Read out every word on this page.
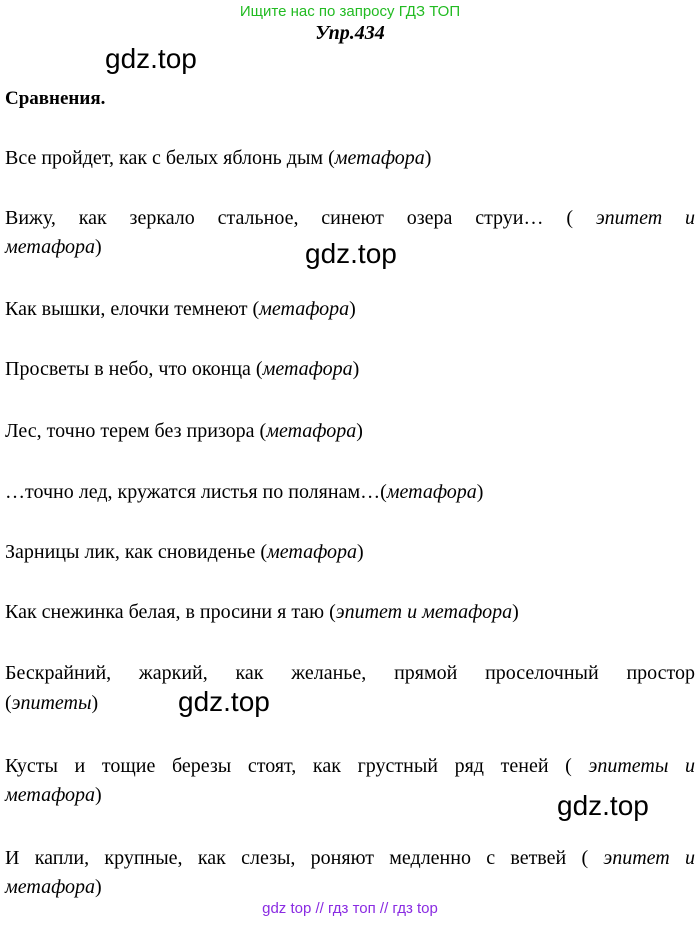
Ищите нас по запросу ГДЗ ТОП
Упр.434
gdz.top
gdz.top
gdz.top
gdz.top
Сравнения.
Все пройдет, как с белых яблонь дым (метафора)
Вижу, как зеркало стальное, синеют озера струи… ( эпитет и
метафора)
Как вышки, елочки темнеют (метафора)
Просветы в небо, что оконца (метафора)
Лес, точно терем без призора (метафора)
…точно лед, кружатся листья по полянам…(метафора)
Зарницы лик, как сновиденье (метафора)
Как снежинка белая, в просини я таю (эпитет и метафора)
Бескрайний, жаркий, как желанье, прямой проселочный простор
(эпитеты)
Кусты и тощие березы стоят, как грустный ряд теней ( эпитеты и
метафора)
И капли, крупные, как слезы, роняют медленно с ветвей ( эпитет и
метафора)
gdz top // гдз топ // гдз top
